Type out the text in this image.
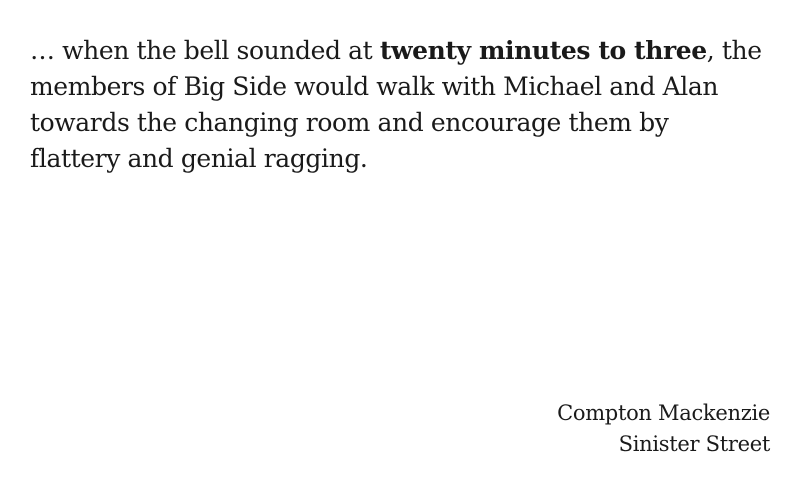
… when the bell sounded at twenty minutes to three, the members of Big Side would walk with Michael and Alan towards the changing room and encourage them by flattery and genial ragging.

Compton Mackenzie
Sinister Street
